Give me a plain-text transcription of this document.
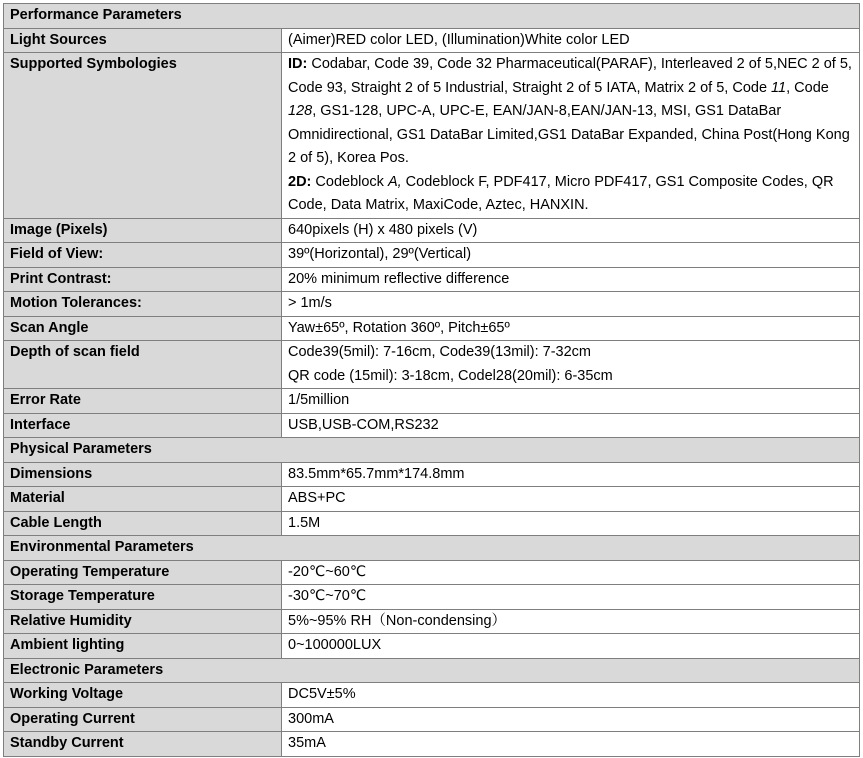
Performance Parameters	
Light Sources	(Aimer)RED color LED, (Illumination)White color LED
Supported Symbologies	ID: Codabar, Code 39, Code 32 Pharmaceutical(PARAF), Interleaved 2 of 5,NEC 2 of 5, Code 93, Straight 2 of 5 Industrial, Straight 2 of 5 IATA, Matrix 2 of 5, Code 11, Code 128, GS1-128, UPC-A, UPC-E, EAN/JAN-8,EAN/JAN-13, MSI, GS1 DataBar Omnidirectional, GS1 DataBar Limited,GS1 DataBar Expanded, China Post(Hong Kong 2 of 5), Korea Pos.
2D: Codeblock A, Codeblock F, PDF417, Micro PDF417, GS1 Composite Codes, QR Code, Data Matrix, MaxiCode, Aztec, HANXIN.
Image (Pixels)	640pixels (H) x 480 pixels (V)
Field of View:	39º(Horizontal), 29º(Vertical)
Print Contrast:	20% minimum reflective difference
Motion Tolerances:	> 1m/s
Scan Angle	Yaw±65º, Rotation 360º, Pitch±65º
Depth of scan field	Code39(5mil): 7-16cm, Code39(13mil): 7-32cm
QR code (15mil): 3-18cm, Codel28(20mil): 6-35cm
Error Rate	1/5million
Interface	USB,USB-COM,RS232
Physical Parameters	
Dimensions	83.5mm*65.7mm*174.8mm
Material	ABS+PC
Cable Length	1.5M
Environmental Parameters	
Operating Temperature	-20℃~60℃
Storage Temperature	-30℃~70℃
Relative Humidity	5%~95% RH（Non-condensing）
Ambient lighting	0~100000LUX
Electronic Parameters	
Working Voltage	DC5V±5%
Operating Current	300mA
Standby Current	35mA
